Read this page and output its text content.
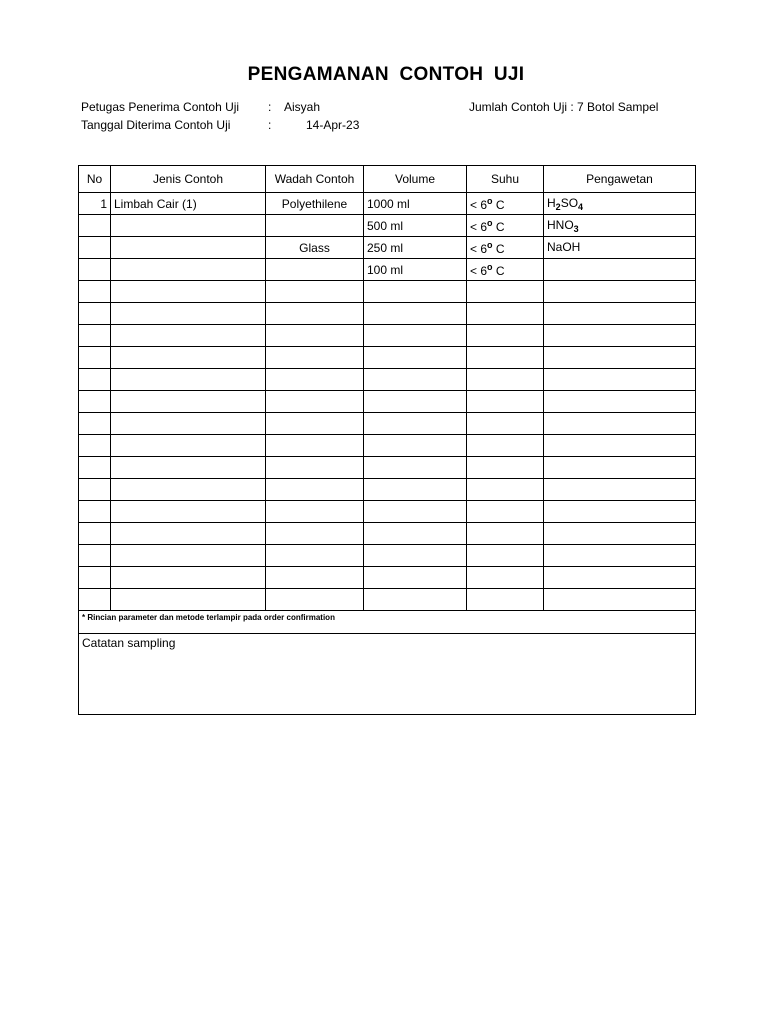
PENGAMANAN CONTOH UJI
Petugas Penerima Contoh Uji : Aisyah	Jumlah Contoh Uji : 7 Botol Sampel
Tanggal Diterima Contoh Uji	:	14-Apr-23
No	Jenis Contoh	Wadah Contoh	Volume	Suhu	Pengawetan
1	Limbah Cair (1)	Polyethilene	1000 ml	< $6^o$ C	$H_2SO_4$
			500 ml	< $6^o$ C	$HNO_3$
		Glass	250 ml	< $6^o$ C	NaOH
			100 ml	< $6^o$ C	

* Rincian parameter dan metode terlampir pada order confirmation					
Catatan sampling					
